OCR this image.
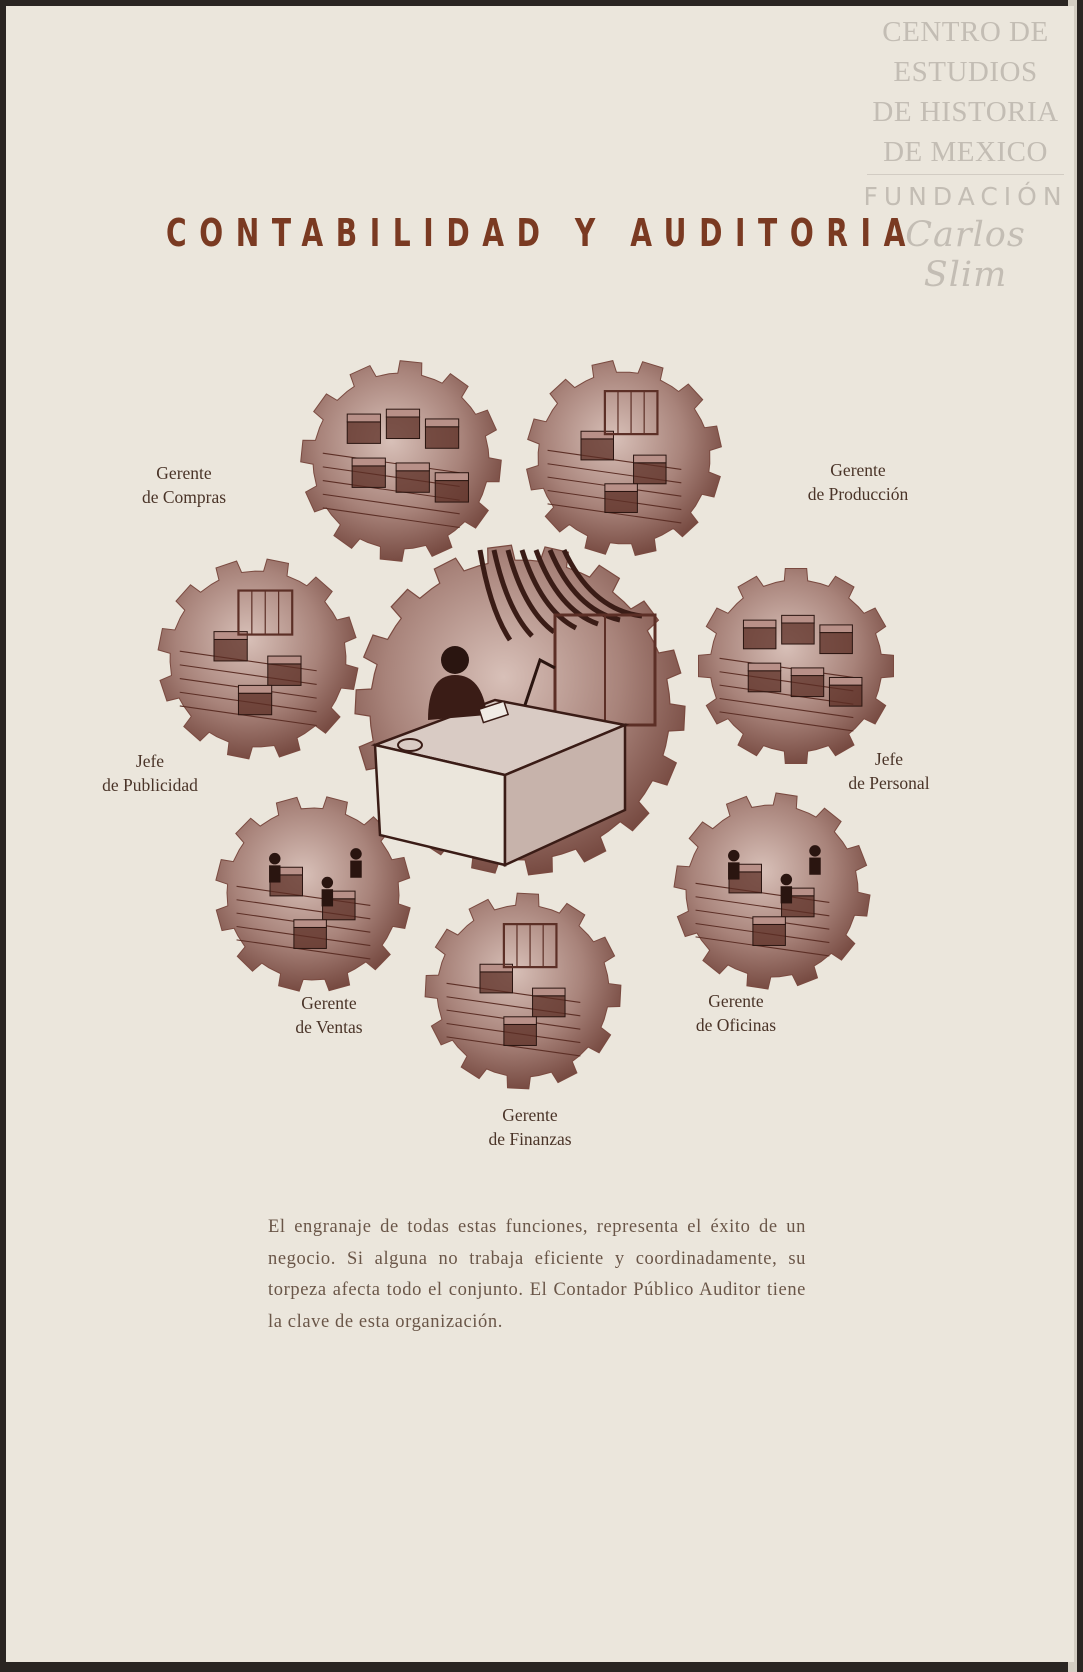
CENTRO DE
ESTUDIOS
DE HISTORIA
DE MEXICO
FUNDACIÓN
Carlos Slim
CONTABILIDAD Y AUDITORIA
Gerente
de Compras
Gerente
de Producción
Jefe
de Publicidad
Jefe
de Personal
Gerente
de Ventas
Gerente
de Oficinas
Gerente
de Finanzas
El engranaje de todas estas funciones, representa el éxito de un negocio. Si alguna no trabaja eficiente y coordinadamente, su torpeza afecta todo el conjunto. El Contador Público Auditor tiene la clave de esta organización.
